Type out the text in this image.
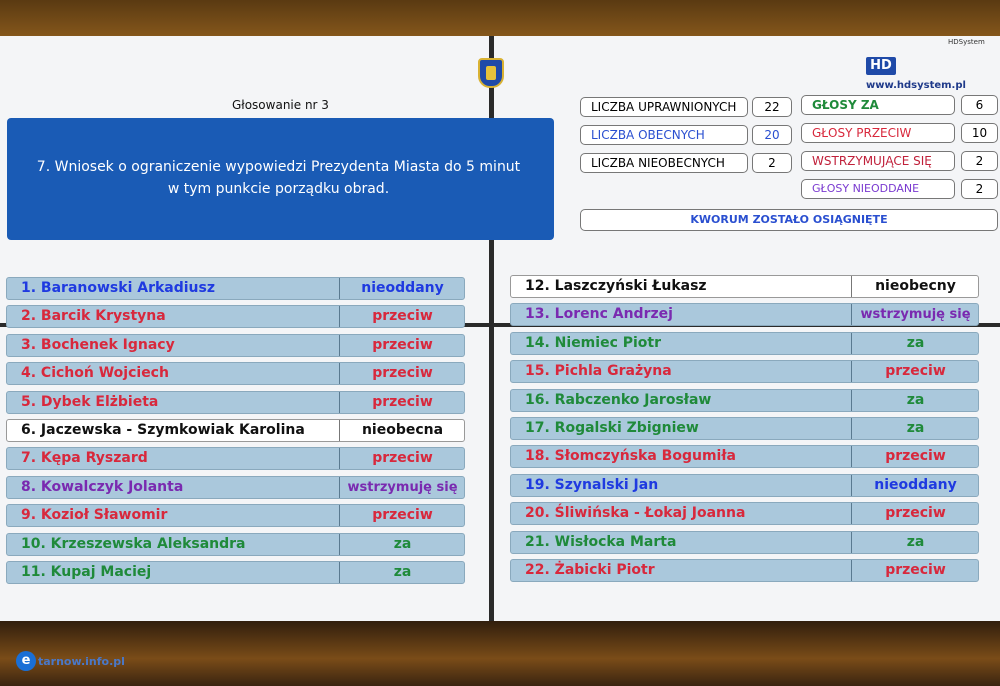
Głosowanie nr 3
7. Wniosek o ograniczenie wypowiedzi Prezydenta Miasta do 5 minut w tym punkcie porządku obrad.
HDSystem
HD www.hdsystem.pl
LICZBA UPRAWNIONYCH	22
LICZBA OBECNYCH	20
LICZBA NIEOBECNYCH	2
GŁOSY ZA	6
GŁOSY PRZECIW	10
WSTRZYMUJĄCE SIĘ	2
GŁOSY NIEODDANE	2
KWORUM ZOSTAŁO OSIĄGNIĘTE
1. Baranowski Arkadiusz	nieoddany
2. Barcik Krystyna	przeciw
3. Bochenek Ignacy	przeciw
4. Cichoń Wojciech	przeciw
5. Dybek Elżbieta	przeciw
6. Jaczewska - Szymkowiak Karolina	nieobecna
7. Kępa Ryszard	przeciw
8. Kowalczyk Jolanta	wstrzymuję się
9. Kozioł Sławomir	przeciw
10. Krzeszewska Aleksandra	za
11. Kupaj Maciej	za
12. Laszczyński Łukasz	nieobecny
13. Lorenc Andrzej	wstrzymuję się
14. Niemiec Piotr	za
15. Pichla Grażyna	przeciw
16. Rabczenko Jarosław	za
17. Rogalski Zbigniew	za
18. Słomczyńska Bogumiła	przeciw
19. Szynalski Jan	nieoddany
20. Śliwińska - Łokaj Joanna	przeciw
21. Wisłocka Marta	za
22. Żabicki Piotr	przeciw
e tarnow.info.pl
